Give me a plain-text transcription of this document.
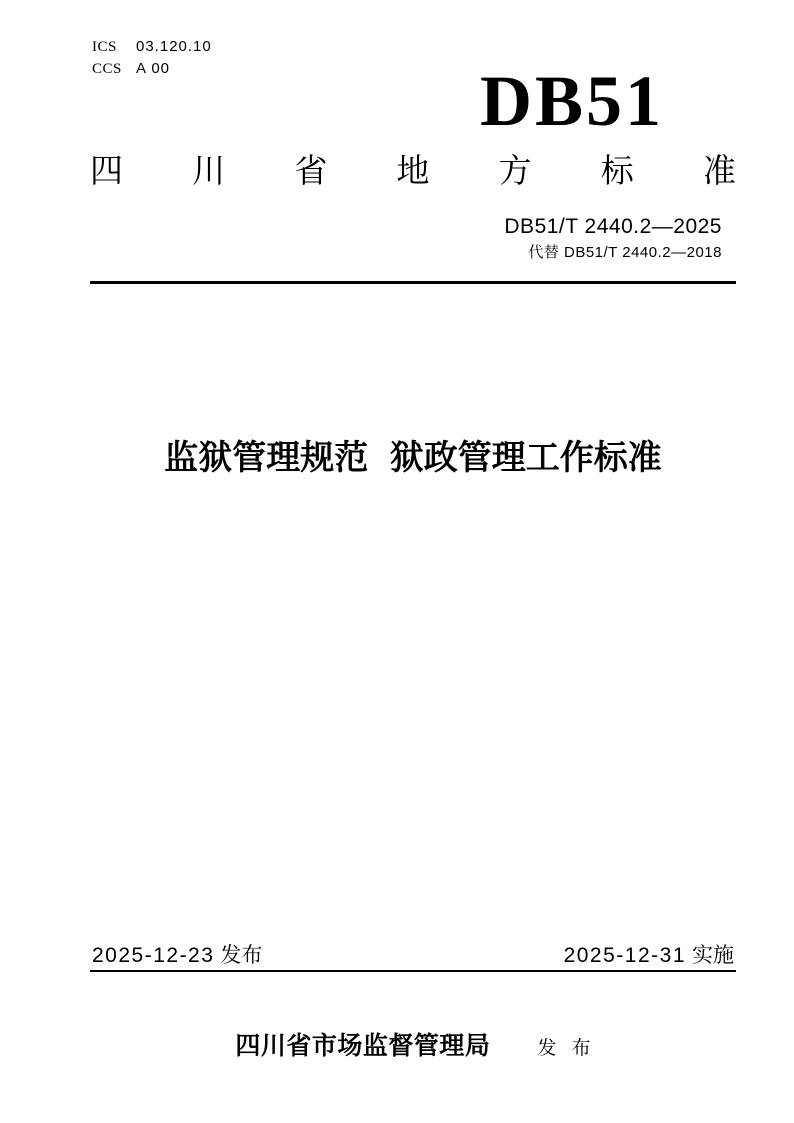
ICS	03.120.10
CCS A 00	DB51
四 川 省 地 方 标 准
DB51/T 2440.2—2025
代替 DB51/T 2440.2—2018
监狱管理规范 狱政管理工作标准
2025-12-23 发布	2025-12-31 实施
四川省市场监督管理局 发 布
